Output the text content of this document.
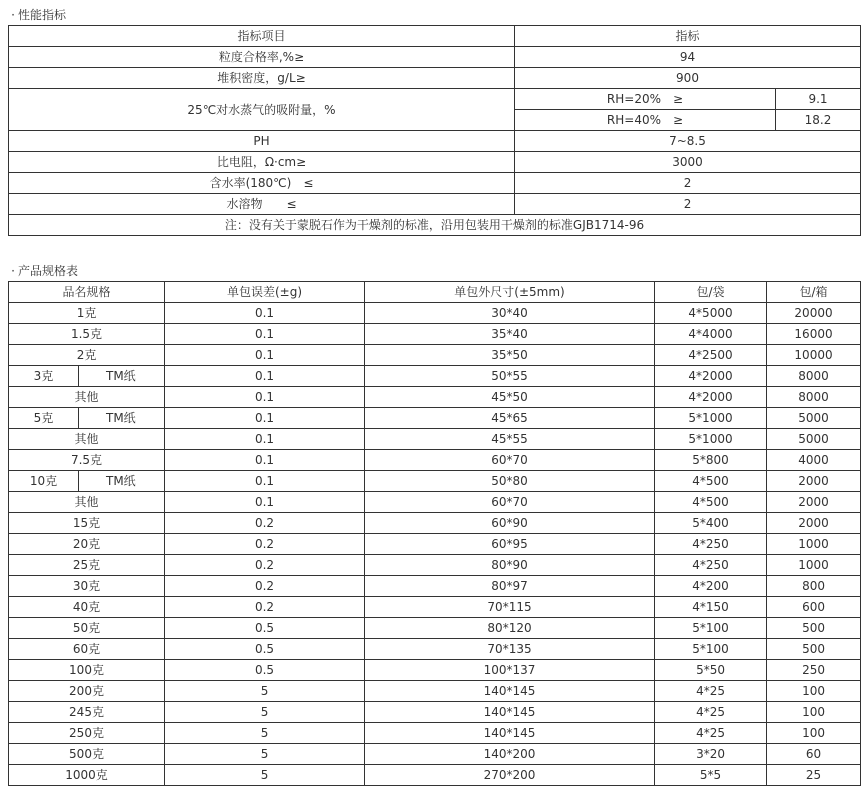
· 性能指标
指标项目	指标	
粒度合格率,%≥	94	
堆积密度，g/L≥	900	
25℃对水蒸气的吸附量，%	RH=20%　≥	9.1
	RH=40%　≥	18.2
PH	7~8.5	
比电阻，Ω·cm≥	3000	
含水率(180℃)　≤	2	
水溶物　　≤	2	
注：没有关于蒙脱石作为干燥剂的标准，沿用包装用干燥剂的标准GJB1714-96		
· 产品规格表
品名规格		单包误差(±g)	单包外尺寸(±5mm)	包/袋	包/箱
1克		0.1	30*40	4*5000	20000
1.5克		0.1	35*40	4*4000	16000
2克		0.1	35*50	4*2500	10000
3克	TM纸	0.1	50*55	4*2000	8000
其他		0.1	45*50	4*2000	8000
5克	TM纸	0.1	45*65	5*1000	5000
其他		0.1	45*55	5*1000	5000
7.5克		0.1	60*70	5*800	4000
10克	TM纸	0.1	50*80	4*500	2000
其他		0.1	60*70	4*500	2000
15克		0.2	60*90	5*400	2000
20克		0.2	60*95	4*250	1000
25克		0.2	80*90	4*250	1000
30克		0.2	80*97	4*200	800
40克		0.2	70*115	4*150	600
50克		0.5	80*120	5*100	500
60克		0.5	70*135	5*100	500
100克		0.5	100*137	5*50	250
200克		5	140*145	4*25	100
245克		5	140*145	4*25	100
250克		5	140*145	4*25	100
500克		5	140*200	3*20	60
1000克		5	270*200	5*5	25
